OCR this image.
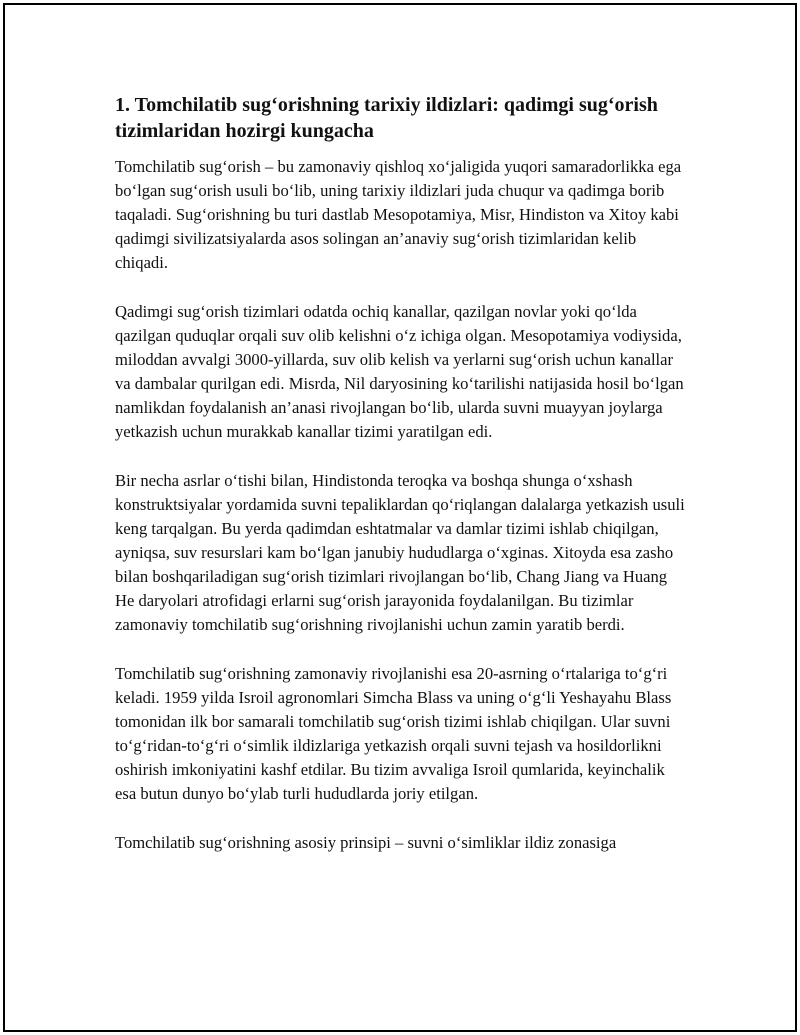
1. Tomchilatib sug‘orishning tarixiy ildizlari: qadimgi sug‘orish tizimlaridan hozirgi kungacha

Tomchilatib sug‘orish – bu zamonaviy qishloq xo‘jaligida yuqori samaradorlikka ega bo‘lgan sug‘orish usuli bo‘lib, uning tarixiy ildizlari juda chuqur va qadimga borib taqaladi. Sug‘orishning bu turi dastlab Mesopotamiya, Misr, Hindiston va Xitoy kabi qadimgi sivilizatsiyalarda asos solingan an’anaviy sug‘orish tizimlaridan kelib chiqadi.

Qadimgi sug‘orish tizimlari odatda ochiq kanallar, qazilgan novlar yoki qo‘lda qazilgan quduqlar orqali suv olib kelishni o‘z ichiga olgan. Mesopotamiya vodiysida, miloddan avvalgi 3000-yillarda, suv olib kelish va yerlarni sug‘orish uchun kanallar va dambalar qurilgan edi. Misrda, Nil daryosining ko‘tarilishi natijasida hosil bo‘lgan namlikdan foydalanish an’anasi rivojlangan bo‘lib, ularda suvni muayyan joylarga yetkazish uchun murakkab kanallar tizimi yaratilgan edi.

Bir necha asrlar o‘tishi bilan, Hindistonda teroqka va boshqa shunga o‘xshash konstruktsiyalar yordamida suvni tepaliklardan qo‘riqlangan dalalarga yetkazish usuli keng tarqalgan. Bu yerda qadimdan eshtatmalar va damlar tizimi ishlab chiqilgan, ayniqsa, suv resurslari kam bo‘lgan janubiy hududlarga o‘xginas. Xitoyda esa zasho bilan boshqariladigan sug‘orish tizimlari rivojlangan bo‘lib, Chang Jiang va Huang He daryolari atrofidagi erlarni sug‘orish jarayonida foydalanilgan. Bu tizimlar zamonaviy tomchilatib sug‘orishning rivojlanishi uchun zamin yaratib berdi.

Tomchilatib sug‘orishning zamonaviy rivojlanishi esa 20-asrning o‘rtalariga to‘g‘ri keladi. 1959 yilda Isroil agronomlari Simcha Blass va uning o‘g‘li Yeshayahu Blass tomonidan ilk bor samarali tomchilatib sug‘orish tizimi ishlab chiqilgan. Ular suvni to‘g‘ridan-to‘g‘ri o‘simlik ildizlariga yetkazish orqali suvni tejash va hosildorlikni oshirish imkoniyatini kashf etdilar. Bu tizim avvaliga Isroil qumlarida, keyinchalik esa butun dunyo bo‘ylab turli hududlarda joriy etilgan.

Tomchilatib sug‘orishning asosiy prinsipi – suvni o‘simliklar ildiz zonasiga
